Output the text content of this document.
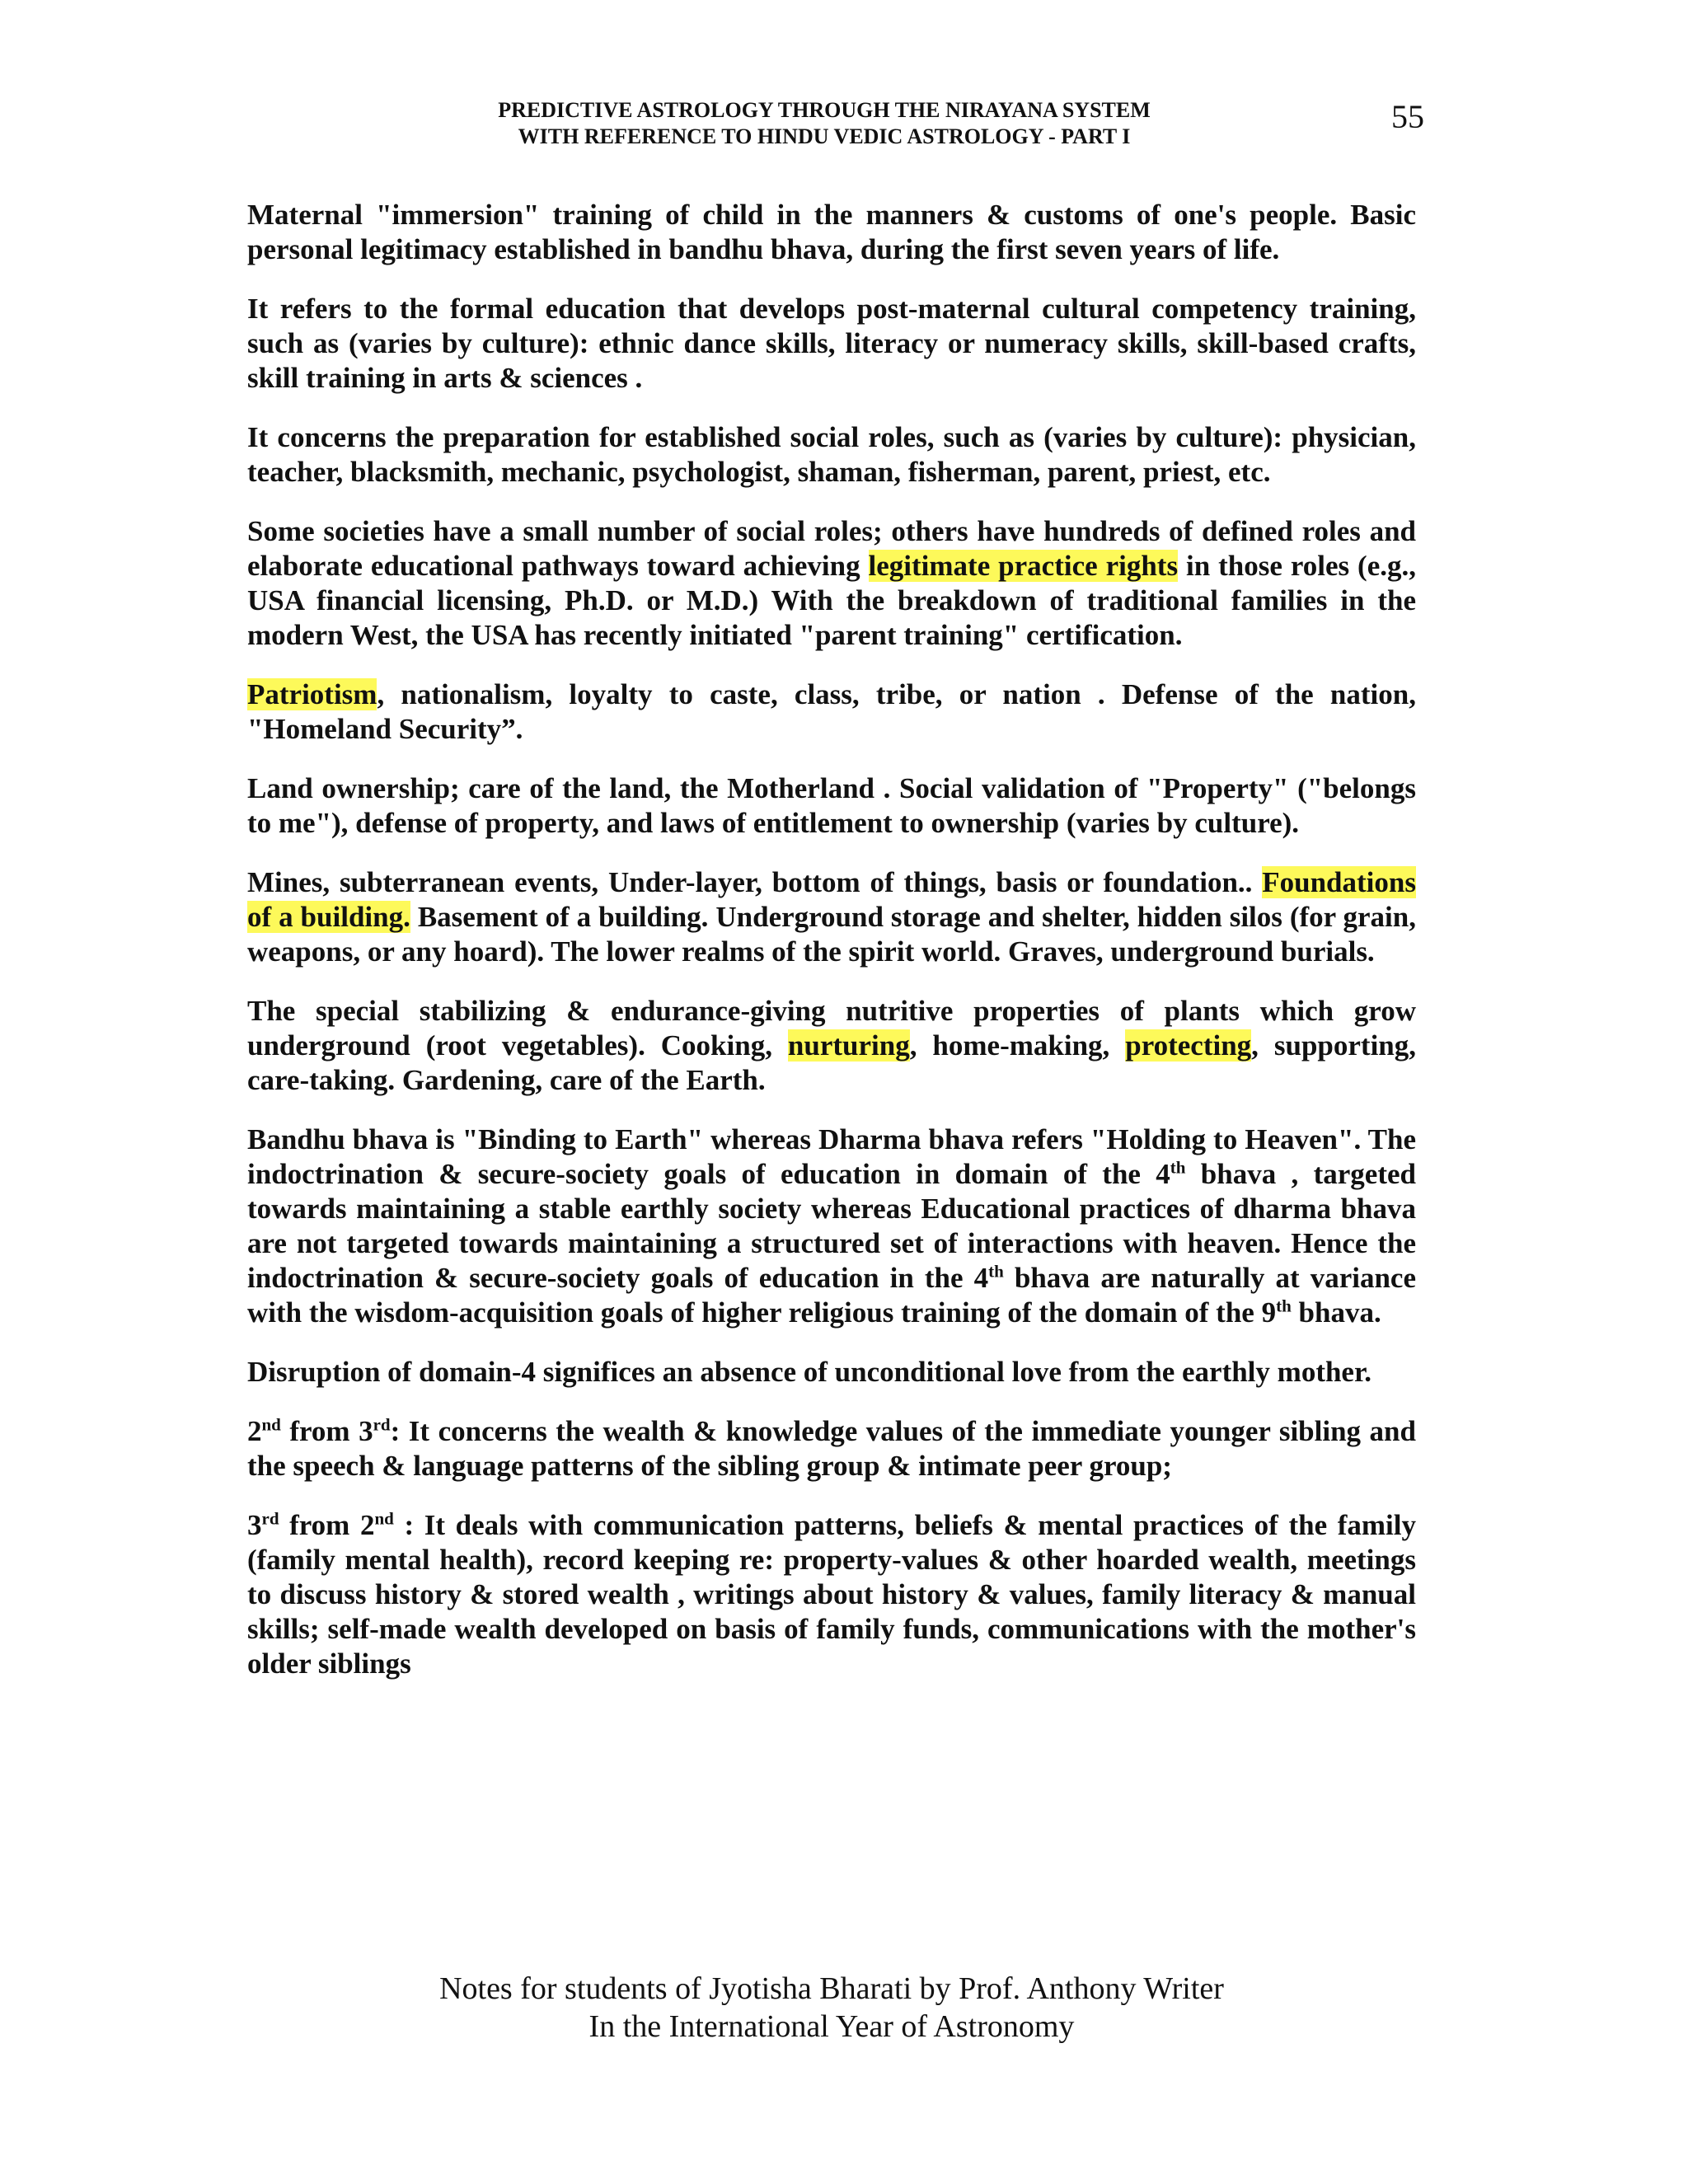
PREDICTIVE ASTROLOGY THROUGH THE NIRAYANA SYSTEM
WITH REFERENCE TO HINDU VEDIC ASTROLOGY - PART I
55

Maternal "immersion" training of child in the manners & customs of one's people. Basic personal legitimacy established in bandhu bhava, during the first seven years of life.

It refers to the formal education that develops post-maternal cultural competency training, such as (varies by culture): ethnic dance skills, literacy or numeracy skills, skill-based crafts, skill training in arts & sciences .

It concerns the preparation for established social roles, such as (varies by culture): physician, teacher, blacksmith, mechanic, psychologist, shaman, fisherman, parent, priest, etc.

Some societies have a small number of social roles; others have hundreds of defined roles and elaborate educational pathways toward achieving legitimate practice rights in those roles (e.g., USA financial licensing, Ph.D. or M.D.) With the breakdown of traditional families in the modern West, the USA has recently initiated "parent training" certification.

Patriotism, nationalism, loyalty to caste, class, tribe, or nation . Defense of the nation, "Homeland Security”.

Land ownership; care of the land, the Motherland . Social validation of "Property" ("belongs to me"), defense of property, and laws of entitlement to ownership (varies by culture).

Mines, subterranean events, Under-layer, bottom of things, basis or foundation.. Foundations of a building. Basement of a building. Underground storage and shelter, hidden silos (for grain, weapons, or any hoard). The lower realms of the spirit world. Graves, underground burials.

The special stabilizing & endurance-giving nutritive properties of plants which grow underground (root vegetables). Cooking, nurturing, home-making, protecting, supporting, care-taking. Gardening, care of the Earth.

Bandhu bhava is "Binding to Earth" whereas Dharma bhava refers "Holding to Heaven". The indoctrination & secure-society goals of education in domain of the 4th bhava , targeted towards maintaining a stable earthly society whereas Educational practices of dharma bhava are not targeted towards maintaining a structured set of interactions with heaven. Hence the indoctrination & secure-society goals of education in the 4th bhava are naturally at variance with the wisdom-acquisition goals of higher religious training of the domain of the 9th bhava.

Disruption of domain-4 significes an absence of unconditional love from the earthly mother.

2nd from 3rd: It concerns the wealth & knowledge values of the immediate younger sibling and the speech & language patterns of the sibling group & intimate peer group;

3rd from 2nd : It deals with communication patterns, beliefs & mental practices of the family (family mental health), record keeping re: property-values & other hoarded wealth, meetings to discuss history & stored wealth , writings about history & values, family literacy & manual skills; self-made wealth developed on basis of family funds, communications with the mother's older siblings

Notes for students of Jyotisha Bharati by Prof. Anthony Writer
In the International Year of Astronomy
